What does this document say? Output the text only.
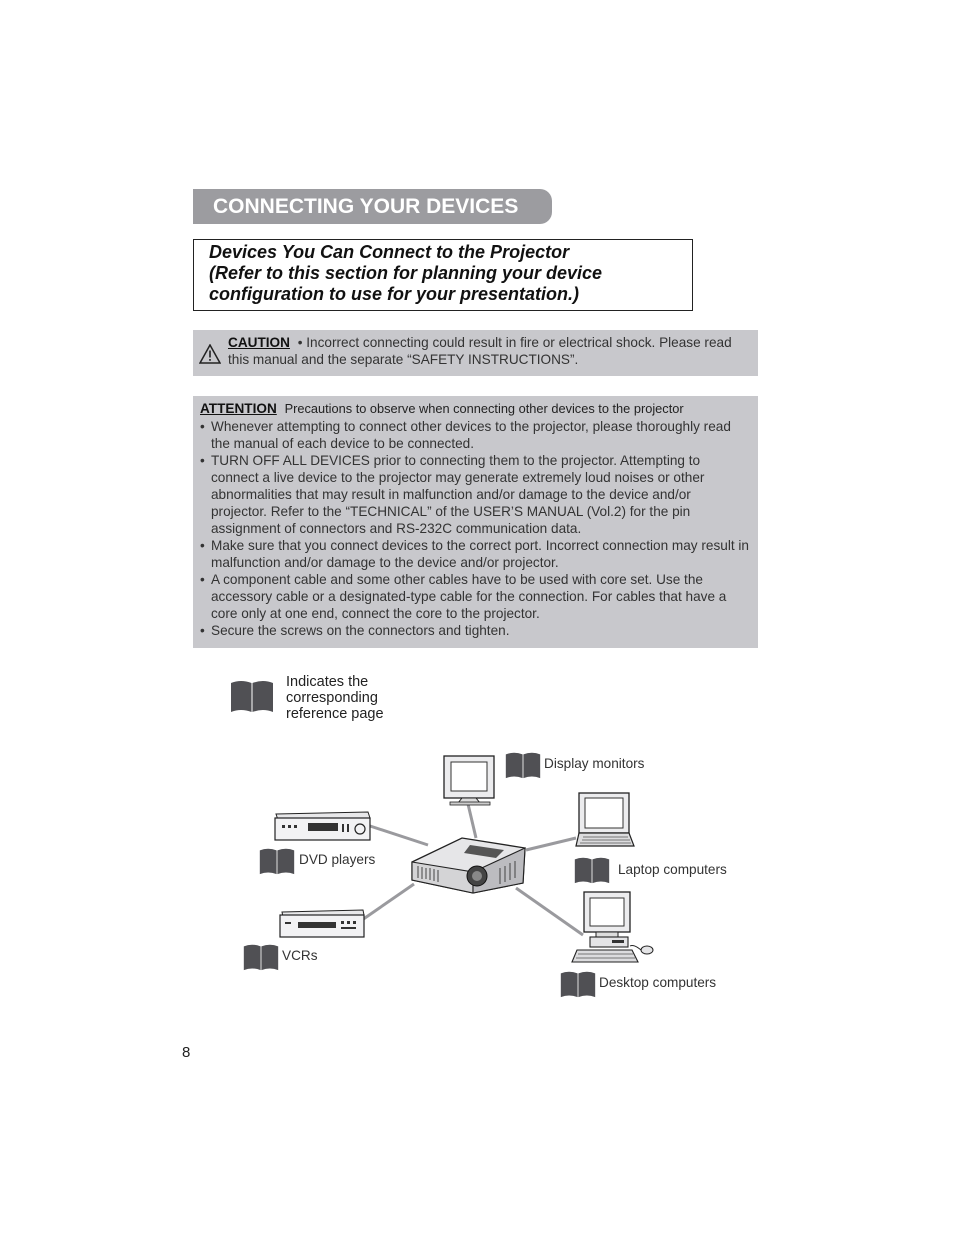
CONNECTING YOUR DEVICES
Devices You Can Connect to the Projector
(Refer to this section for planning your device
configuration to use for your presentation.)
CAUTION • Incorrect connecting could result in fire or electrical shock. Please read this manual and the separate “SAFETY INSTRUCTIONS”.
ATTENTION Precautions to observe when connecting other devices to the projector
• Whenever attempting to connect other devices to the projector, please thoroughly read the manual of each device to be connected.
• TURN OFF ALL DEVICES prior to connecting them to the projector. Attempting to connect a live device to the projector may generate extremely loud noises or other abnormalities that may result in malfunction and/or damage to the device and/or projector. Refer to the “TECHNICAL” of the USER’S MANUAL (Vol.2) for the pin assignment of connectors and RS-232C communication data.
• Make sure that you connect devices to the correct port. Incorrect connection may result in malfunction and/or damage to the device and/or projector.
• A component cable and some other cables have to be used with core set. Use the accessory cable or a designated-type cable for the connection. For cables that have a core only at one end, connect the core to the projector.
• Secure the screws on the connectors and tighten.
Indicates the
corresponding
reference page
Display monitors
DVD players
Laptop computers
VCRs
Desktop computers
8
